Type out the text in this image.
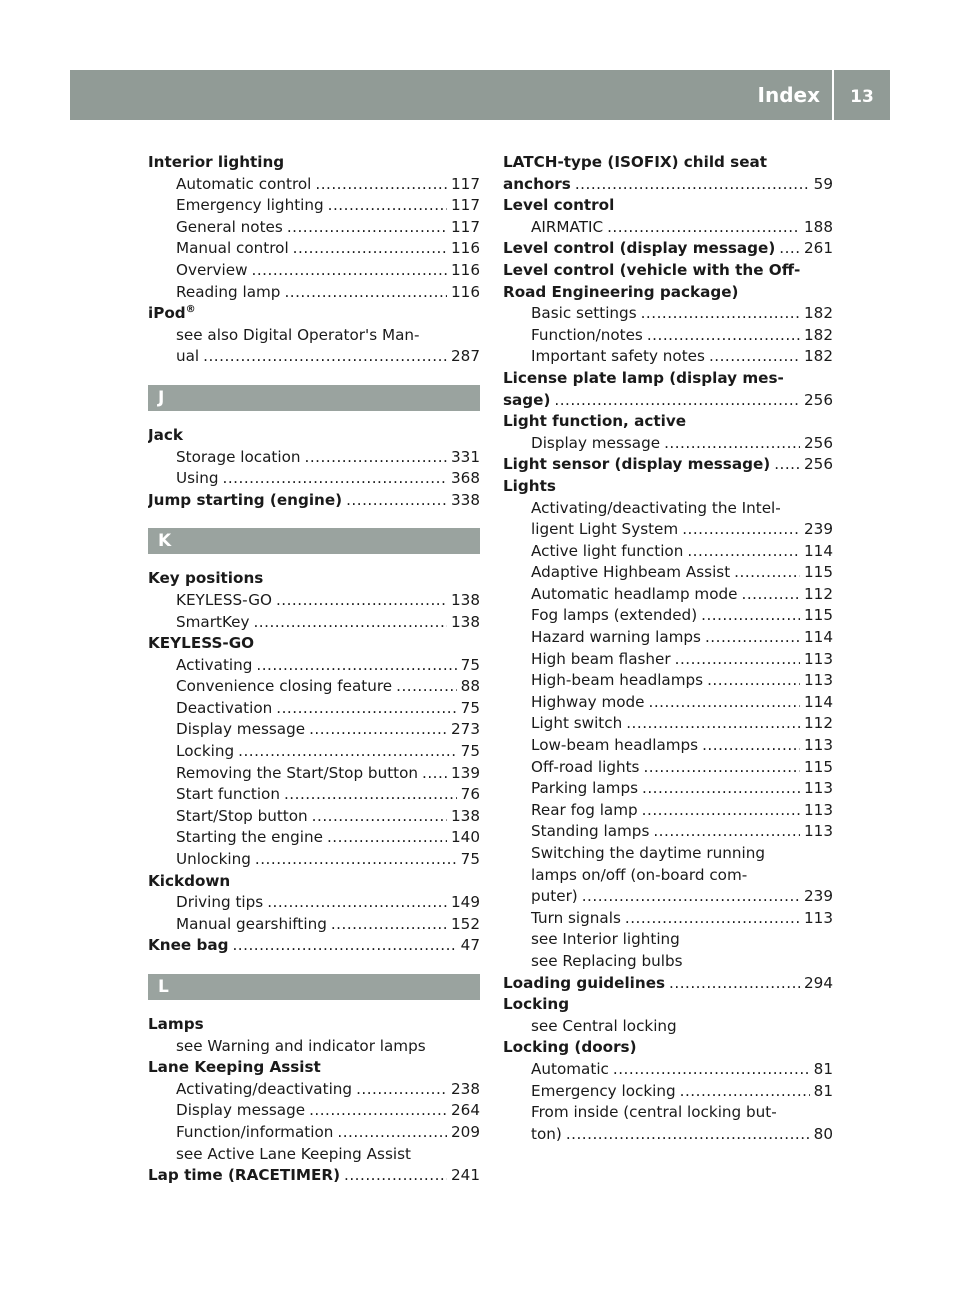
Index	13
Interior lighting
Automatic control .....	117
Emergency lighting .....	117
General notes .....	117
Manual control .....	116
Overview .....	116
Reading lamp .....	116
iPod®
see also Digital Operator's Man-
ual .....	287
J
Jack
Storage location .....	331
Using .....	368
Jump starting (engine) .....	338
K
Key positions
KEYLESS-GO .....	138
SmartKey .....	138
KEYLESS-GO
Activating .....	75
Convenience closing feature .....	88
Deactivation .....	75
Display message .....	273
Locking .....	75
Removing the Start/Stop button ..... 139
Start function .....	76
Start/Stop button .....	138
Starting the engine .....	140
Unlocking .....	75
Kickdown
Driving tips .....	149
Manual gearshifting .....	152
Knee bag .....	47
L
Lamps
see Warning and indicator lamps
Lane Keeping Assist
Activating/deactivating .....	238
Display message .....	264
Function/information .....	209
see Active Lane Keeping Assist
Lap time (RACETIMER) .....	241
LATCH-type (ISOFIX) child seat
anchors .....	59
Level control
AIRMATIC .....	188
Level control (display message) ..... 261
Level control (vehicle with the Off-
Road Engineering package)
Basic settings .....	182
Function/notes .....	182
Important safety notes .....	182
License plate lamp (display mes-
sage) .....	256
Light function, active
Display message .....	256
Light sensor (display message) ..... 256
Lights
Activating/deactivating the Intel-
ligent Light System .....	239
Active light function .....	114
Adaptive Highbeam Assist .....	115
Automatic headlamp mode .....	112
Fog lamps (extended) .....	115
Hazard warning lamps .....	114
High beam flasher .....	113
High-beam headlamps .....	113
Highway mode .....	114
Light switch .....	112
Low-beam headlamps .....	113
Off-road lights .....	115
Parking lamps .....	113
Rear fog lamp .....	113
Standing lamps .....	113
Switching the daytime running
lamps on/off (on-board com-
puter) .....	239
Turn signals .....	113
see Interior lighting
see Replacing bulbs
Loading guidelines .....	294
Locking
see Central locking
Locking (doors)
Automatic .....	81
Emergency locking .....	81
From inside (central locking but-
ton) .....	80
